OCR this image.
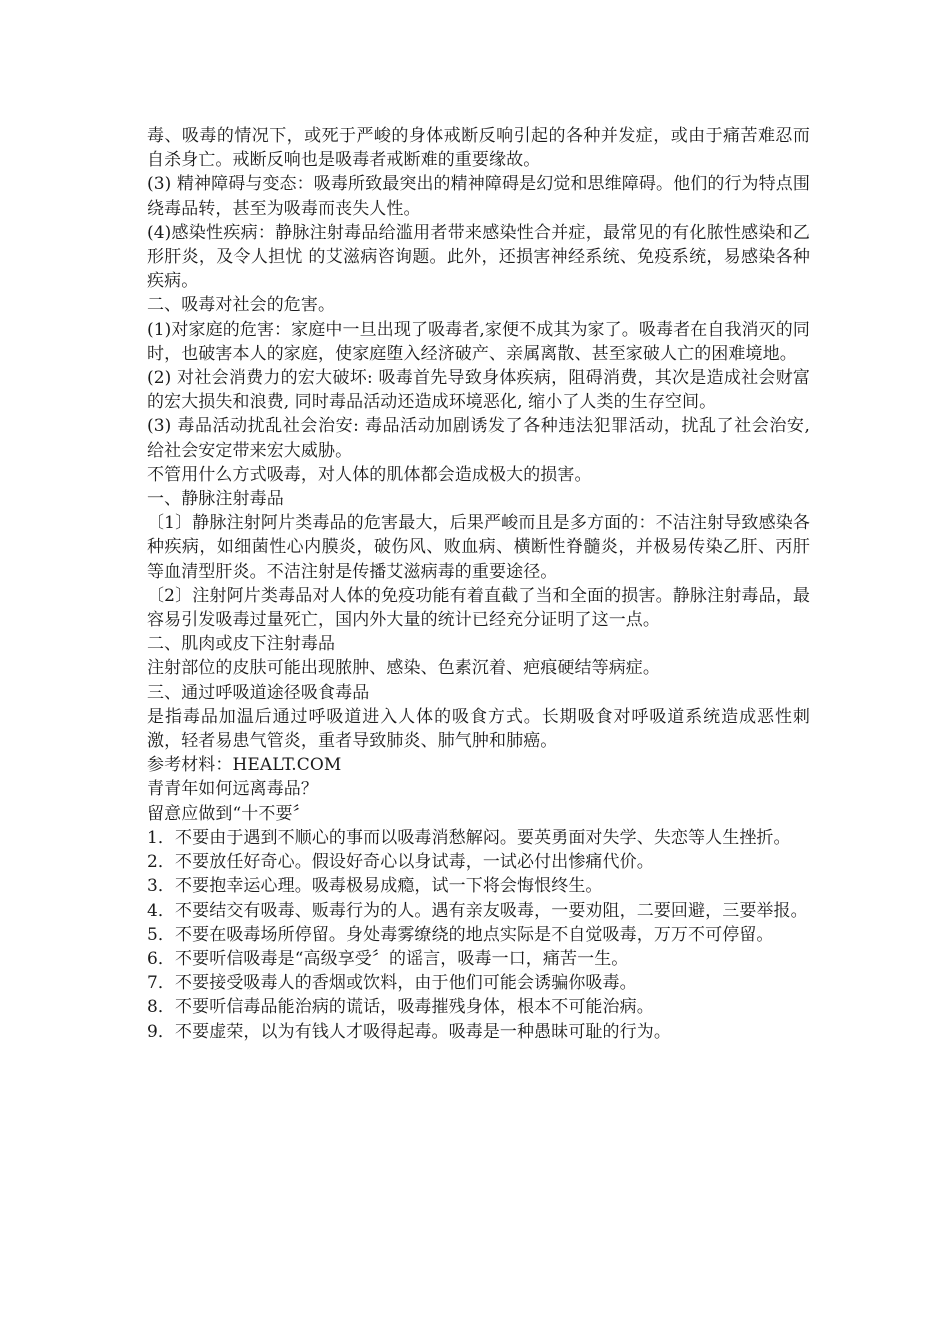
毒、吸毒的情况下，或死于严峻的身体戒断反响引起的各种并发症，或由于痛苦难忍而自杀身亡。戒断反响也是吸毒者戒断难的重要缘故。

(3) 精神障碍与变态：吸毒所致最突出的精神障碍是幻觉和思维障碍。他们的行为特点围绕毒品转，甚至为吸毒而丧失人性。

(4)感染性疾病：静脉注射毒品给滥用者带来感染性合并症，最常见的有化脓性感染和乙形肝炎，及令人担忧 的艾滋病咨询题。此外，还损害神经系统、免疫系统，易感染各种疾病。

二、吸毒对社会的危害。

(1)对家庭的危害：家庭中一旦出现了吸毒者,家便不成其为家了。吸毒者在自我消灭的同时，也破害本人的家庭，使家庭堕入经济破产、亲属离散、甚至家破人亡的困难境地。

(2) 对社会消费力的宏大破坏: 吸毒首先导致身体疾病，阻碍消费，其次是造成社会财富的宏大损失和浪费, 同时毒品活动还造成环境恶化, 缩小了人类的生存空间。

(3) 毒品活动扰乱社会治安: 毒品活动加剧诱发了各种违法犯罪活动，扰乱了社会治安, 给社会安定带来宏大威胁。

不管用什么方式吸毒，对人体的肌体都会造成极大的损害。

一、静脉注射毒品

〔1〕静脉注射阿片类毒品的危害最大，后果严峻而且是多方面的：不洁注射导致感染各种疾病，如细菌性心内膜炎，破伤风、败血病、横断性脊髓炎，并极易传染乙肝、丙肝等血清型肝炎。不洁注射是传播艾滋病毒的重要途径。

〔2〕注射阿片类毒品对人体的免疫功能有着直截了当和全面的损害。静脉注射毒品，最容易引发吸毒过量死亡，国内外大量的统计已经充分证明了这一点。

二、肌肉或皮下注射毒品

注射部位的皮肤可能出现脓肿、感染、色素沉着、疤痕硬结等病症。

三、通过呼吸道途径吸食毒品

是指毒品加温后通过呼吸道进入人体的吸食方式。长期吸食对呼吸道系统造成恶性刺激，轻者易患气管炎，重者导致肺炎、肺气肿和肺癌。

参考材料：HEALT.COM

青青年如何远离毒品？

留意应做到“十不要〞

1．不要由于遇到不顺心的事而以吸毒消愁解闷。要英勇面对失学、失恋等人生挫折。

2．不要放任好奇心。假设好奇心以身试毒，一试必付出惨痛代价。

3．不要抱幸运心理。吸毒极易成瘾，试一下将会悔恨终生。

4．不要结交有吸毒、贩毒行为的人。遇有亲友吸毒，一要劝阻，二要回避，三要举报。

5．不要在吸毒场所停留。身处毒雾缭绕的地点实际是不自觉吸毒，万万不可停留。

6．不要听信吸毒是“高级享受〞的谣言，吸毒一口，痛苦一生。

7．不要接受吸毒人的香烟或饮料，由于他们可能会诱骗你吸毒。

8．不要听信毒品能治病的谎话，吸毒摧残身体，根本不可能治病。

9．不要虚荣，以为有钱人才吸得起毒。吸毒是一种愚昧可耻的行为。
